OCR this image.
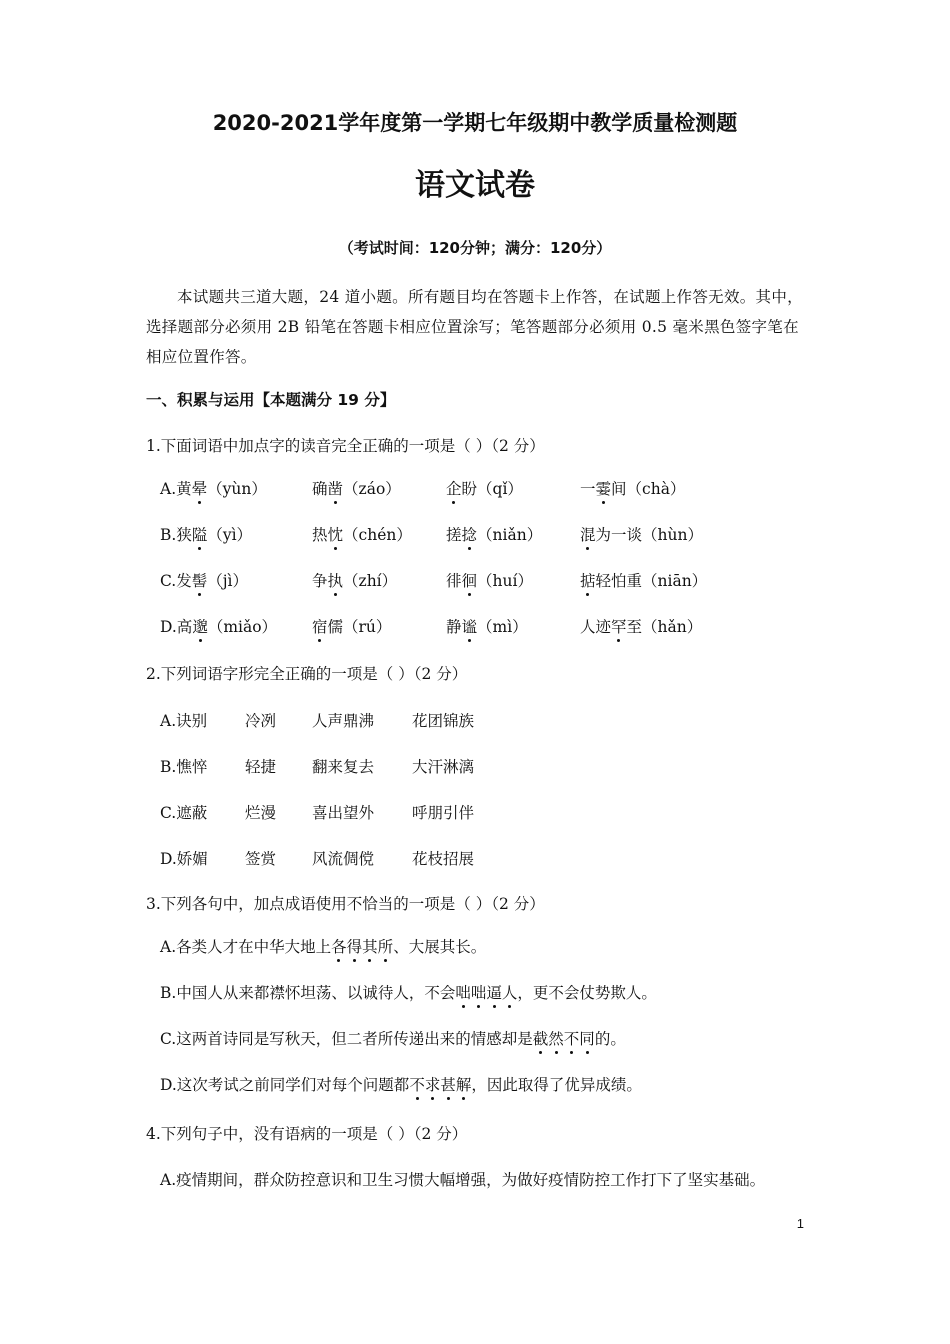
2020-2021学年度第一学期七年级期中教学质量检测题
语文试卷
（考试时间：120分钟；满分：120分）
本试题共三道大题，24 道小题。所有题目均在答题卡上作答，在试题上作答无效。其中，选择题部分必须用 2B 铅笔在答题卡相应位置涂写；笔答题部分必须用 0.5 毫米黑色签字笔在相应位置作答。
一、积累与运用【本题满分 19 分】
1.下面词语中加点字的读音完全正确的一项是（ ）（2 分）
A.黄晕（yùn）	确凿（záo）	企盼（qǐ）	一霎间（chà）
B.狭隘（yì）	热忱（chén） 搓捻（niǎn） 混为一谈（hùn）
C.发髻（jì）	争执（zhí）	徘徊（huí）	掂轻怕重（niān）
D.高邈（miǎo） 宿儒（rú）	静谧（mì）	人迹罕至（hǎn）
2.下列词语字形完全正确的一项是（ ）（2 分）
A.诀别 冷冽 人声鼎沸 花团锦族
B.憔悴 轻捷 翻来复去 大汗淋漓
C.遮蔽 烂漫 喜出望外 呼朋引伴
D.娇媚 签赏 风流倜傥 花枝招展
3.下列各句中，加点成语使用不恰当的一项是（ ）（2 分）
A.各类人才在中华大地上各得其所、大展其长。
B.中国人从来都襟怀坦荡、以诚待人，不会咄咄逼人，更不会仗势欺人。
C.这两首诗同是写秋天，但二者所传递出来的情感却是截然不同的。
D.这次考试之前同学们对每个问题都不求甚解，因此取得了优异成绩。
4.下列句子中，没有语病的一项是（ ）（2 分）
A.疫情期间，群众防控意识和卫生习惯大幅增强，为做好疫情防控工作打下了坚实基础。
1
